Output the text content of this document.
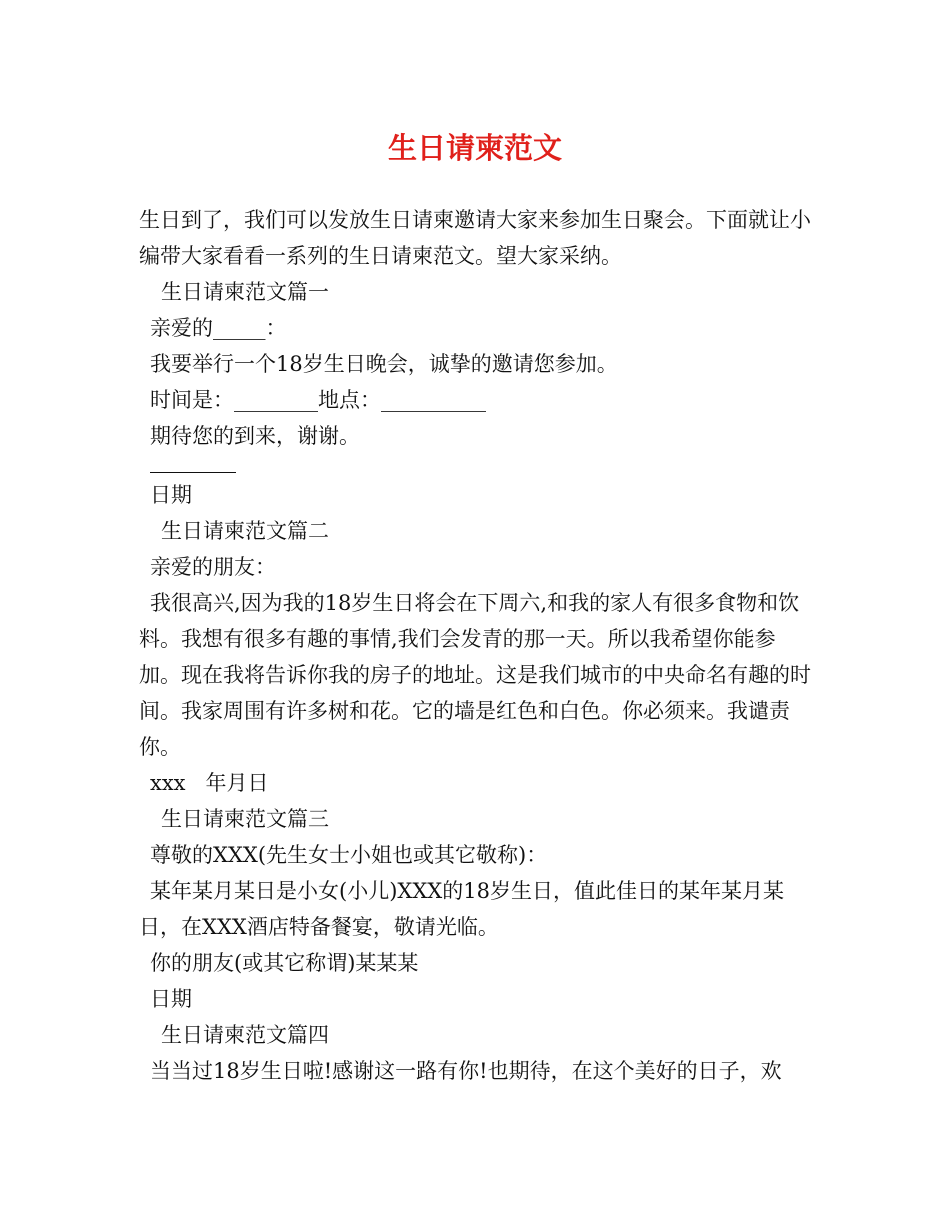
生日请柬范文

生日到了，我们可以发放生日请柬邀请大家来参加生日聚会。下面就让小编带大家看看一系列的生日请柬范文。望大家采纳。

生日请柬范文篇一

亲爱的_____：

我要举行一个18岁生日晚会，诚挚的邀请您参加。

时间是：________地点：__________

期待您的到来，谢谢。

日期

生日请柬范文篇二

亲爱的朋友：

我很高兴,因为我的18岁生日将会在下周六,和我的家人有很多食物和饮料。我想有很多有趣的事情,我们会发青的那一天。所以我希望你能参加。现在我将告诉你我的房子的地址。这是我们城市的中央命名有趣的时间。我家周围有许多树和花。它的墙是红色和白色。你必须来。我谴责你。

xxx   年月日

生日请柬范文篇三

尊敬的XXX(先生女士小姐也或其它敬称)：

某年某月某日是小女(小儿)XXX的18岁生日，值此佳日的某年某月某日，在XXX酒店特备餐宴，敬请光临。

你的朋友(或其它称谓)某某某

日期

生日请柬范文篇四

当当过18岁生日啦!感谢这一路有你!也期待，在这个美好的日子，欢
